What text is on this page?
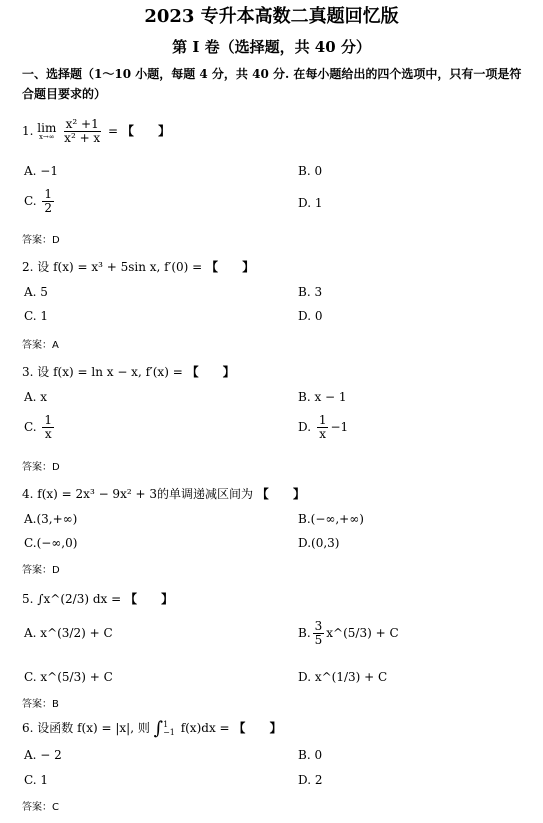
2023 专升本高数二真题回忆版
第 I 卷（选择题，共 40 分）
一、选择题（1～10 小题，每题 4 分，共 40 分. 在每小题给出的四个选项中，只有一项是符合题目要求的）
1. lim
x→∞
$\frac{\text{x² +1}}{\text{x² + x}}$ = 【 】
A. −1	B. 0
C. $\frac{1}{2}$	D. 1
答案：D
2. 设 f(x) = x³ + 5sin x, f′(0) = 【 】
A. 5	B. 3
C. 1	D. 0
答案：A
3. 设 f(x) = ln x − x, f′(x) = 【 】
A. x	B. x − 1
C. $\frac{1}{x}$	D. $\frac{1}{x} -1$
答案：D
4. f(x) = 2x³ − 9x² + 3的单调递减区间为 【 】
A.(3,+∞)	B.(−∞,+∞)
C.(−∞,0)	D.(0,3)
答案：D
5. ∫x^(2/3) dx = 【 】
A. x^(3/2) + C	B. $\frac{3}{5}$ x^(5/3) + C
C. x^(5/3) + C	D. x^(1/3) + C
答案：B
6. 设函数 f(x) = |x|, 则 ∫ 1
−1 f(x)dx = 【 】
A. − 2	B. 0
C. 1	D. 2
答案：C
